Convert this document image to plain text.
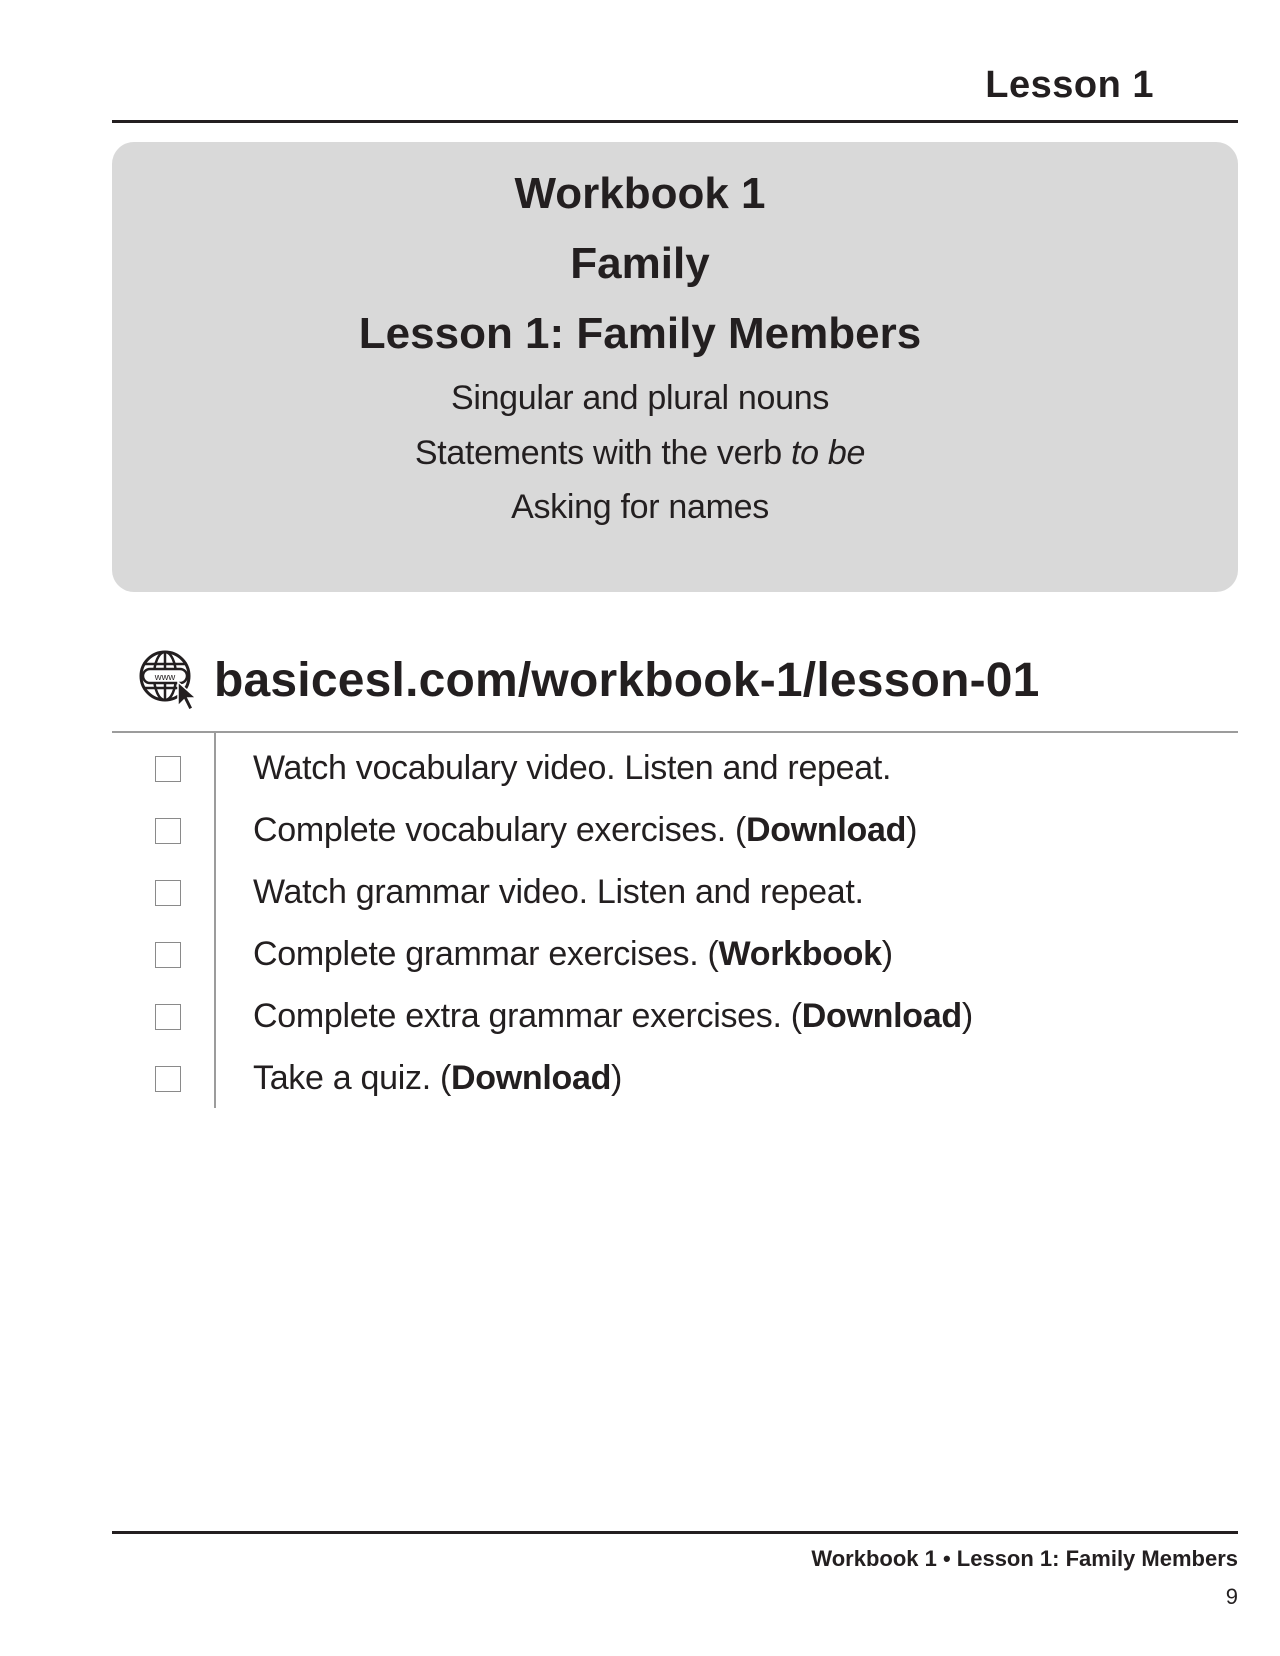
Lesson 1
Workbook 1
Family
Lesson 1: Family Members
Singular and plural nouns
Statements with the verb to be
Asking for names
www basicesl.com/workbook-1/lesson-01
Watch vocabulary video. Listen and repeat.
Complete vocabulary exercises. (Download)
Watch grammar video. Listen and repeat.
Complete grammar exercises. (Workbook)
Complete extra grammar exercises. (Download)
Take a quiz. (Download)
Workbook 1 • Lesson 1: Family Members
9
